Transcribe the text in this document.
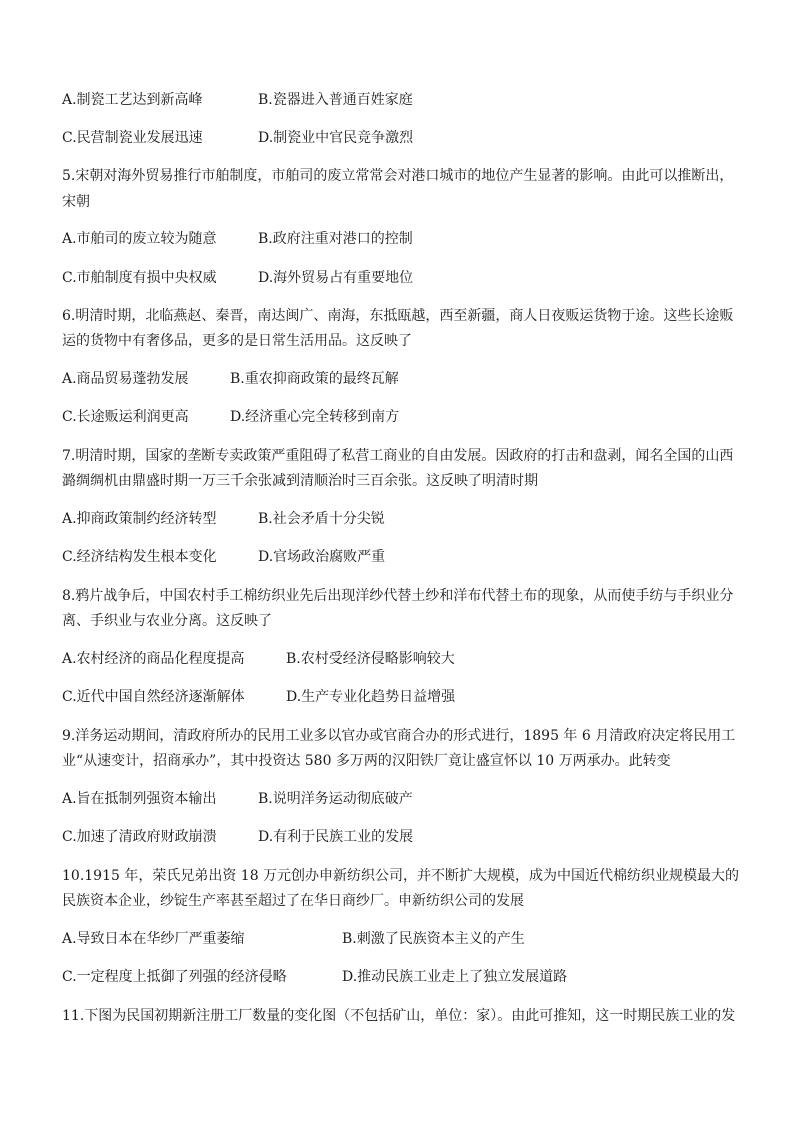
A.制瓷工艺达到新高峰	B.瓷器进入普通百姓家庭
C.民营制瓷业发展迅速	D.制瓷业中官民竞争激烈
5.宋朝对海外贸易推行市舶制度，市舶司的废立常常会对港口城市的地位产生显著的影响。由此可以推断出，
宋朝
A.市舶司的废立较为随意	B.政府注重对港口的控制
C.市舶制度有损中央权威	D.海外贸易占有重要地位
6.明清时期，北临燕赵、秦晋，南达闽广、南海，东抵瓯越，西至新疆，商人日夜贩运货物于途。这些长途贩
运的货物中有奢侈品，更多的是日常生活用品。这反映了
A.商品贸易蓬勃发展	B.重农抑商政策的最终瓦解
C.长途贩运利润更高	D.经济重心完全转移到南方
7.明清时期，国家的垄断专卖政策严重阻碍了私营工商业的自由发展。因政府的打击和盘剥，闻名全国的山西
潞绸绸机由鼎盛时期一万三千余张减到清顺治时三百余张。这反映了明清时期
A.抑商政策制约经济转型	B.社会矛盾十分尖锐
C.经济结构发生根本变化	D.官场政治腐败严重
8.鸦片战争后，中国农村手工棉纺织业先后出现洋纱代替土纱和洋布代替土布的现象，从而使手纺与手织业分
离、手织业与农业分离。这反映了
A.农村经济的商品化程度提高	B.农村受经济侵略影响较大
C.近代中国自然经济逐渐解体	D.生产专业化趋势日益增强
9.洋务运动期间，清政府所办的民用工业多以官办或官商合办的形式进行，1895 年 6 月清政府决定将民用工
业“从速变计，招商承办”，其中投资达 580 多万两的汉阳铁厂竟让盛宣怀以 10 万两承办。此转变
A.旨在抵制列强资本输出	B.说明洋务运动彻底破产
C.加速了清政府财政崩溃	D.有利于民族工业的发展
10.1915 年，荣氏兄弟出资 18 万元创办申新纺织公司，并不断扩大规模，成为中国近代棉纺织业规模最大的
民族资本企业，纱锭生产率甚至超过了在华日商纱厂。申新纺织公司的发展
A.导致日本在华纱厂严重萎缩	B.刺激了民族资本主义的产生
C.一定程度上抵御了列强的经济侵略	D.推动民族工业走上了独立发展道路
11.下图为民国初期新注册工厂数量的变化图（不包括矿山，单位：家）。由此可推知，这一时期民族工业的发
